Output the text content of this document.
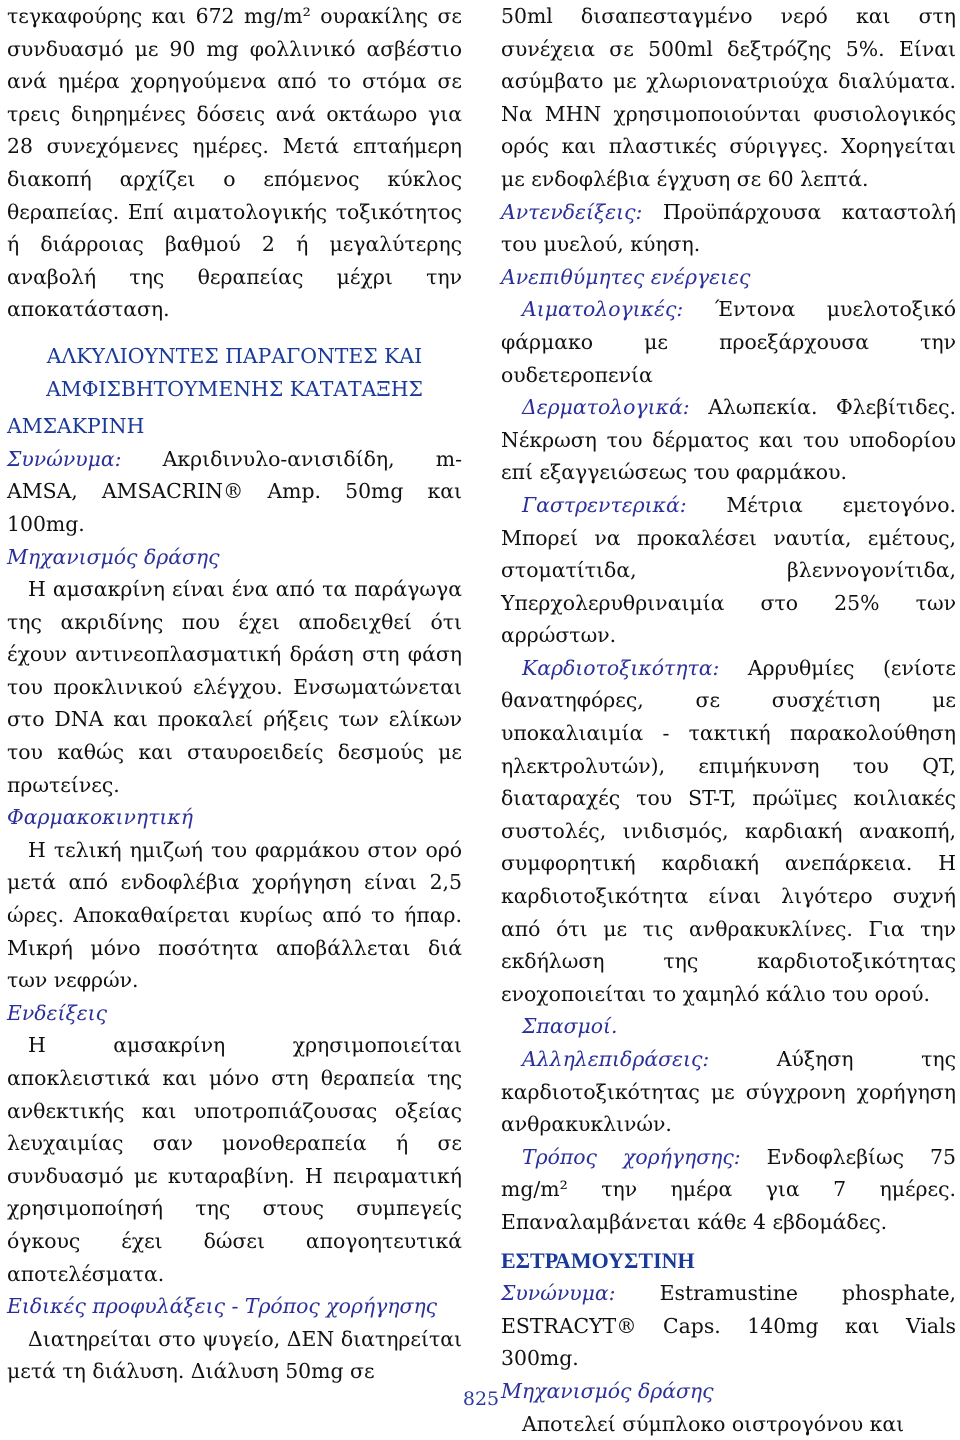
τεγκαφούρης και 672 mg/m² ουρακίλης σε συνδυασμό με 90 mg φολλινικό ασβέστιο ανά ημέρα χορηγούμενα από το στόμα σε τρεις διηρημένες δόσεις ανά οκτάωρο για 28 συνεχόμενες ημέρες. Μετά επταήμερη διακοπή αρχίζει ο επόμενος κύκλος θεραπείας. Επί αιματολογικής τοξικότητος ή διάρροιας βαθμού 2 ή μεγαλύτερης αναβολή της θεραπείας μέχρι την αποκατάσταση.

ΑΛΚΥΛΙΟΥΝΤΕΣ ΠΑΡΑΓΟΝΤΕΣ ΚΑΙ ΑΜΦΙΣΒΗΤΟΥΜΕΝΗΣ ΚΑΤΑΤΑΞΗΣ

ΑΜΣΑΚΡΙΝΗ

Συνώνυμα: Ακριδινυλο-ανισιδίδη, m-AMSA, AMSACRIN® Amp. 50mg και 100mg.

Μηχανισμός δράσης

Η αμσακρίνη είναι ένα από τα παράγωγα της ακριδίνης που έχει αποδειχθεί ότι έχουν αντινεοπλασματική δράση στη φάση του προκλινικού ελέγχου. Ενσωματώνεται στο DNA και προκαλεί ρήξεις των ελίκων του καθώς και σταυροειδείς δεσμούς με πρωτείνες.

Φαρμακοκινητική

Η τελική ημιζωή του φαρμάκου στον ορό μετά από ενδοφλέβια χορήγηση είναι 2,5 ώρες. Αποκαθαίρεται κυρίως από το ήπαρ. Μικρή μόνο ποσότητα αποβάλλεται διά των νεφρών.

Ενδείξεις

Η αμσακρίνη χρησιμοποιείται αποκλειστικά και μόνο στη θεραπεία της ανθεκτικής και υποτροπιάζουσας οξείας λευχαιμίας σαν μονοθεραπεία ή σε συνδυασμό με κυταραβίνη. Η πειραματική χρησιμοποίησή της στους συμπεγείς όγκους έχει δώσει απογοητευτικά αποτελέσματα.

Ειδικές προφυλάξεις - Τρόπος χορήγησης

Διατηρείται στο ψυγείο, ΔΕΝ διατηρείται μετά τη διάλυση. Διάλυση 50mg σε

50ml δισαπεσταγμένο νερό και στη συνέχεια σε 500ml δεξτρόζης 5%. Είναι ασύμβατο με χλωριονατριούχα διαλύματα. Να ΜΗΝ χρησιμοποιούνται φυσιολογικός ορός και πλαστικές σύριγγες. Χορηγείται με ενδοφλέβια έγχυση σε 60 λεπτά.

Αντενδείξεις: Προϋπάρχουσα καταστολή του μυελού, κύηση.

Ανεπιθύμητες ενέργειες

Αιματολογικές: Έντονα μυελοτοξικό φάρμακο με προεξάρχουσα την ουδετεροπενία

Δερματολογικά: Αλωπεκία. Φλεβίτιδες. Νέκρωση του δέρματος και του υποδορίου επί εξαγγειώσεως του φαρμάκου.

Γαστρεντερικά: Μέτρια εμετογόνο. Μπορεί να προκαλέσει ναυτία, εμέτους, στοματίτιδα, βλεννογονίτιδα, Υπερχολερυθριναιμία στο 25% των αρρώστων.

Καρδιοτοξικότητα: Αρρυθμίες (ενίοτε θανατηφόρες, σε συσχέτιση με υποκαλιαιμία - τακτική παρακολούθηση ηλεκτρολυτών), επιμήκυνση του QT, διαταραχές του ST-T, πρώϊμες κοιλιακές συστολές, ινιδισμός, καρδιακή ανακοπή, συμφορητική καρδιακή ανεπάρκεια. Η καρδιοτοξικότητα είναι λιγότερο συχνή από ότι με τις ανθρακυκλίνες. Για την εκδήλωση της καρδιοτοξικότητας ενοχοποιείται το χαμηλό κάλιο του ορού.

Σπασμοί.

Αλληλεπιδράσεις: Αύξηση της καρδιοτοξικότητας με σύγχρονη χορήγηση ανθρακυκλινών.

Τρόπος χορήγησης: Ενδοφλεβίως 75 mg/m² την ημέρα για 7 ημέρες. Επαναλαμβάνεται κάθε 4 εβδομάδες.

ΕΣΤΡΑΜΟΥΣΤΙΝΗ

Συνώνυμα: Estramustine phosphate, ESTRACYT® Caps. 140mg και Vials 300mg.

Μηχανισμός δράσης

Αποτελεί σύμπλοκο οιστρογόνου και

825
